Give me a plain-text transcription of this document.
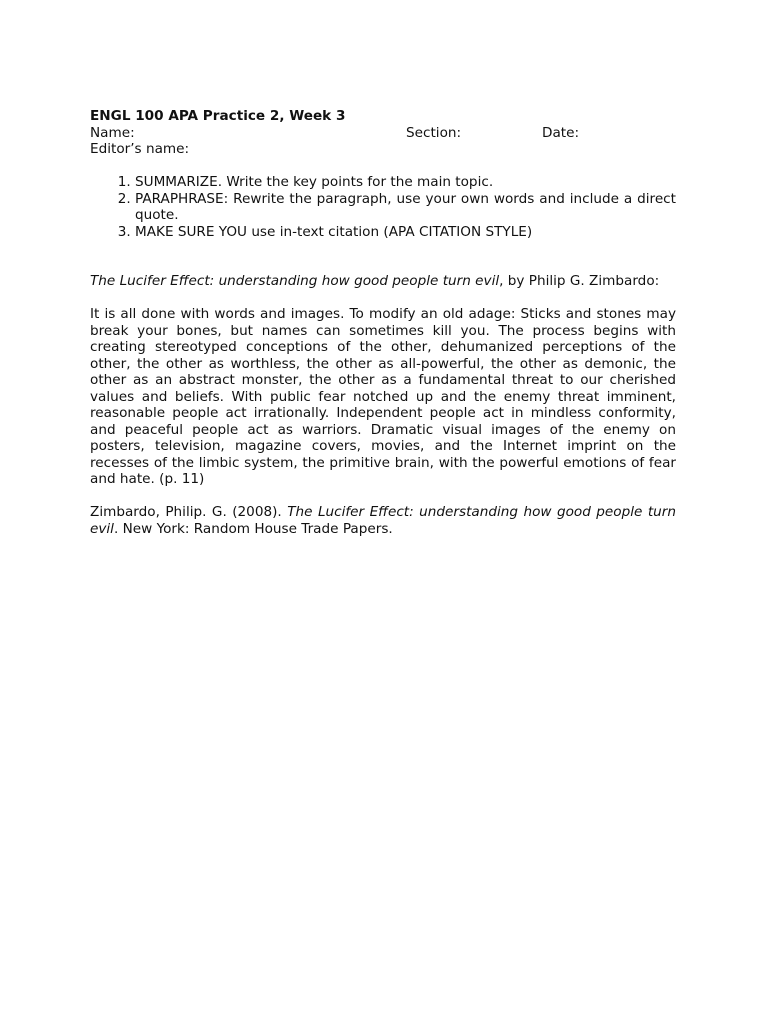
ENGL 100 APA Practice 2, Week 3

Name:	Section:	Date:

Editor’s name:

1. SUMMARIZE. Write the key points for the main topic.
2. PARAPHRASE: Rewrite the paragraph, use your own words and include a direct quote.
3. MAKE SURE YOU use in-text citation (APA CITATION STYLE)

The Lucifer Effect: understanding how good people turn evil, by Philip G. Zimbardo:

It is all done with words and images. To modify an old adage: Sticks and stones may break your bones, but names can sometimes kill you. The process begins with creating stereotyped conceptions of the other, dehumanized perceptions of the other, the other as worthless, the other as all-powerful, the other as demonic, the other as an abstract monster, the other as a fundamental threat to our cherished values and beliefs. With public fear notched up and the enemy threat imminent, reasonable people act irrationally. Independent people act in mindless conformity, and peaceful people act as warriors. Dramatic visual images of the enemy on posters, television, magazine covers, movies, and the Internet imprint on the recesses of the limbic system, the primitive brain, with the powerful emotions of fear and hate. (p. 11)

Zimbardo, Philip. G. (2008). The Lucifer Effect: understanding how good people turn evil. New York: Random House Trade Papers.
